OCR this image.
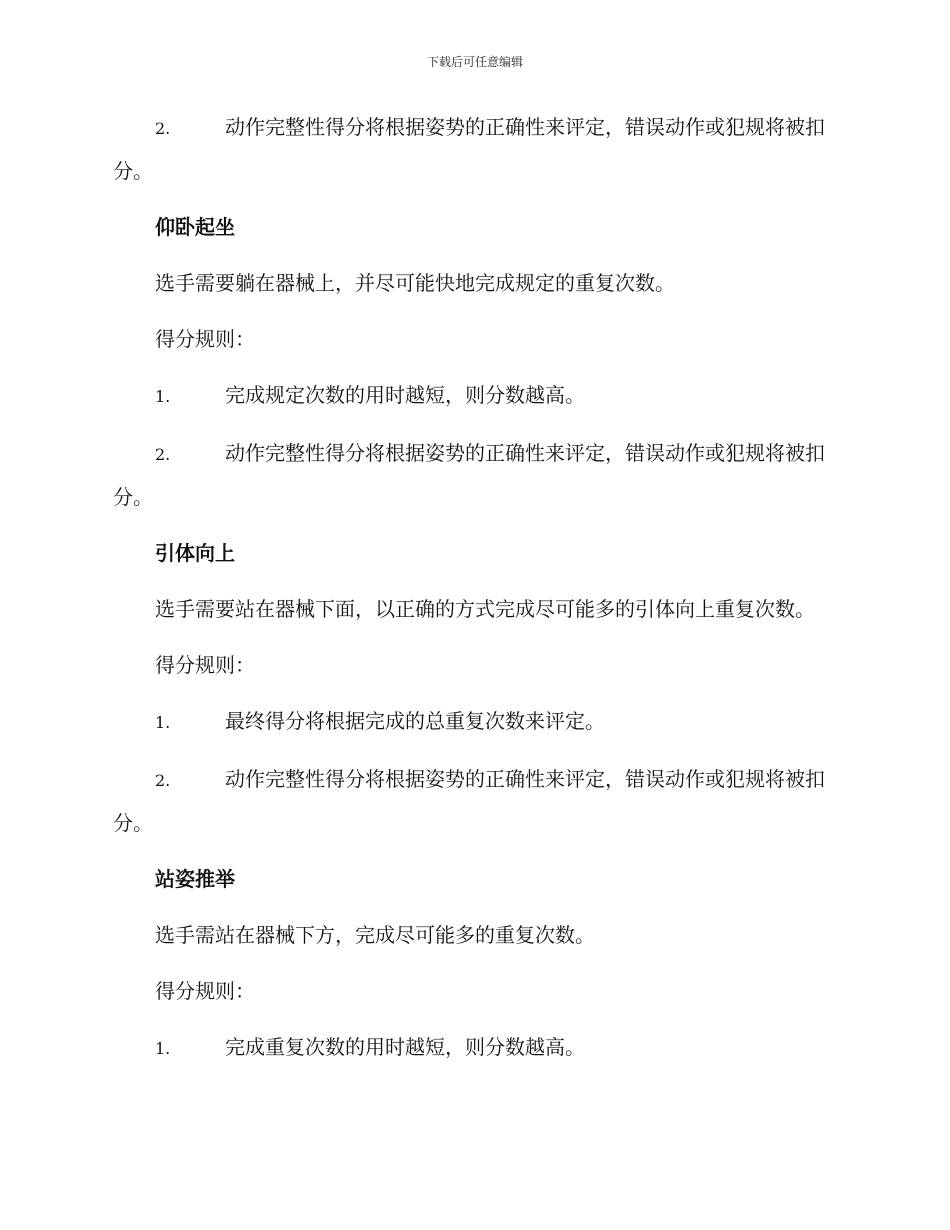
下载后可任意编辑
2.	动作完整性得分将根据姿势的正确性来评定，错误动作或犯规将被扣分。
仰卧起坐
选手需要躺在器械上，并尽可能快地完成规定的重复次数。
得分规则：
1.	完成规定次数的用时越短，则分数越高。
2.	动作完整性得分将根据姿势的正确性来评定，错误动作或犯规将被扣分。
引体向上
选手需要站在器械下面，以正确的方式完成尽可能多的引体向上重复次数。
得分规则：
1.	最终得分将根据完成的总重复次数来评定。
2.	动作完整性得分将根据姿势的正确性来评定，错误动作或犯规将被扣分。
站姿推举
选手需站在器械下方，完成尽可能多的重复次数。
得分规则：
1.	完成重复次数的用时越短，则分数越高。
